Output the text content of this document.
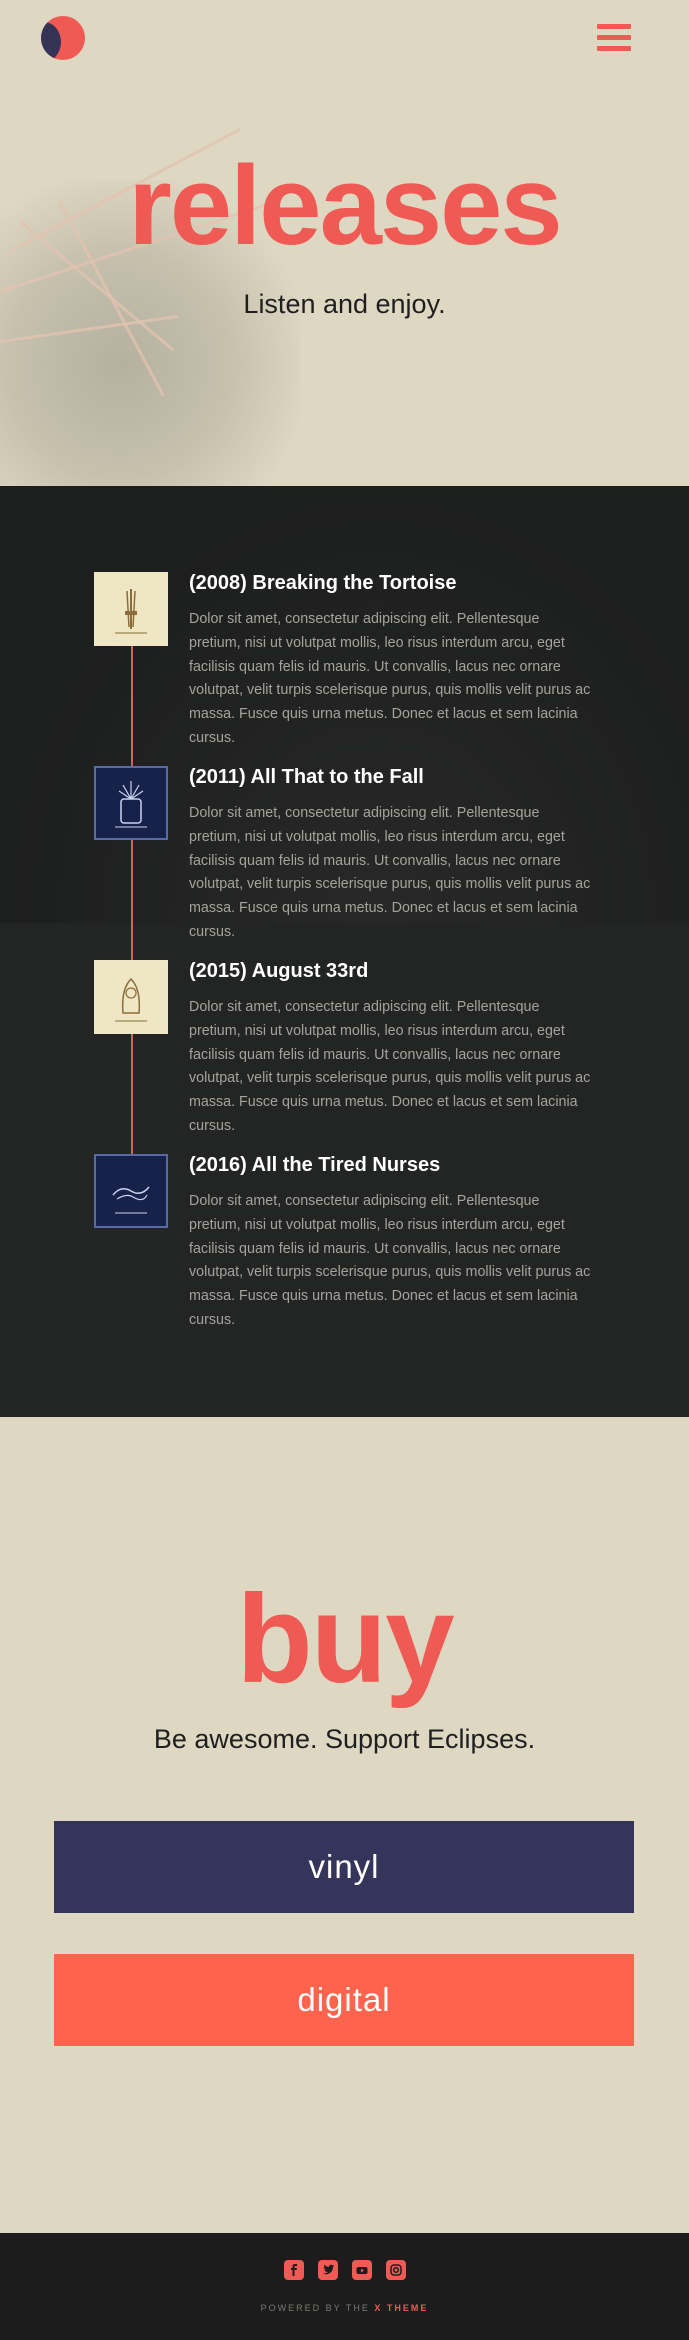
releases

Listen and enjoy.

(2008) Breaking the Tortoise

Dolor sit amet, consectetur adipiscing elit. Pellentesque pretium, nisi ut volutpat mollis, leo risus interdum arcu, eget facilisis quam felis id mauris. Ut convallis, lacus nec ornare volutpat, velit turpis scelerisque purus, quis mollis velit purus ac massa. Fusce quis urna metus. Donec et lacus et sem lacinia cursus.

(2011) All That to the Fall

Dolor sit amet, consectetur adipiscing elit. Pellentesque pretium, nisi ut volutpat mollis, leo risus interdum arcu, eget facilisis quam felis id mauris. Ut convallis, lacus nec ornare volutpat, velit turpis scelerisque purus, quis mollis velit purus ac massa. Fusce quis urna metus. Donec et lacus et sem lacinia cursus.

(2015) August 33rd

Dolor sit amet, consectetur adipiscing elit. Pellentesque pretium, nisi ut volutpat mollis, leo risus interdum arcu, eget facilisis quam felis id mauris. Ut convallis, lacus nec ornare volutpat, velit turpis scelerisque purus, quis mollis velit purus ac massa. Fusce quis urna metus. Donec et lacus et sem lacinia cursus.

(2016) All the Tired Nurses

Dolor sit amet, consectetur adipiscing elit. Pellentesque pretium, nisi ut volutpat mollis, leo risus interdum arcu, eget facilisis quam felis id mauris. Ut convallis, lacus nec ornare volutpat, velit turpis scelerisque purus, quis mollis velit purus ac massa. Fusce quis urna metus. Donec et lacus et sem lacinia cursus.

buy

Be awesome. Support Eclipses.

vinyl
digital

POWERED BY THE X THEME
